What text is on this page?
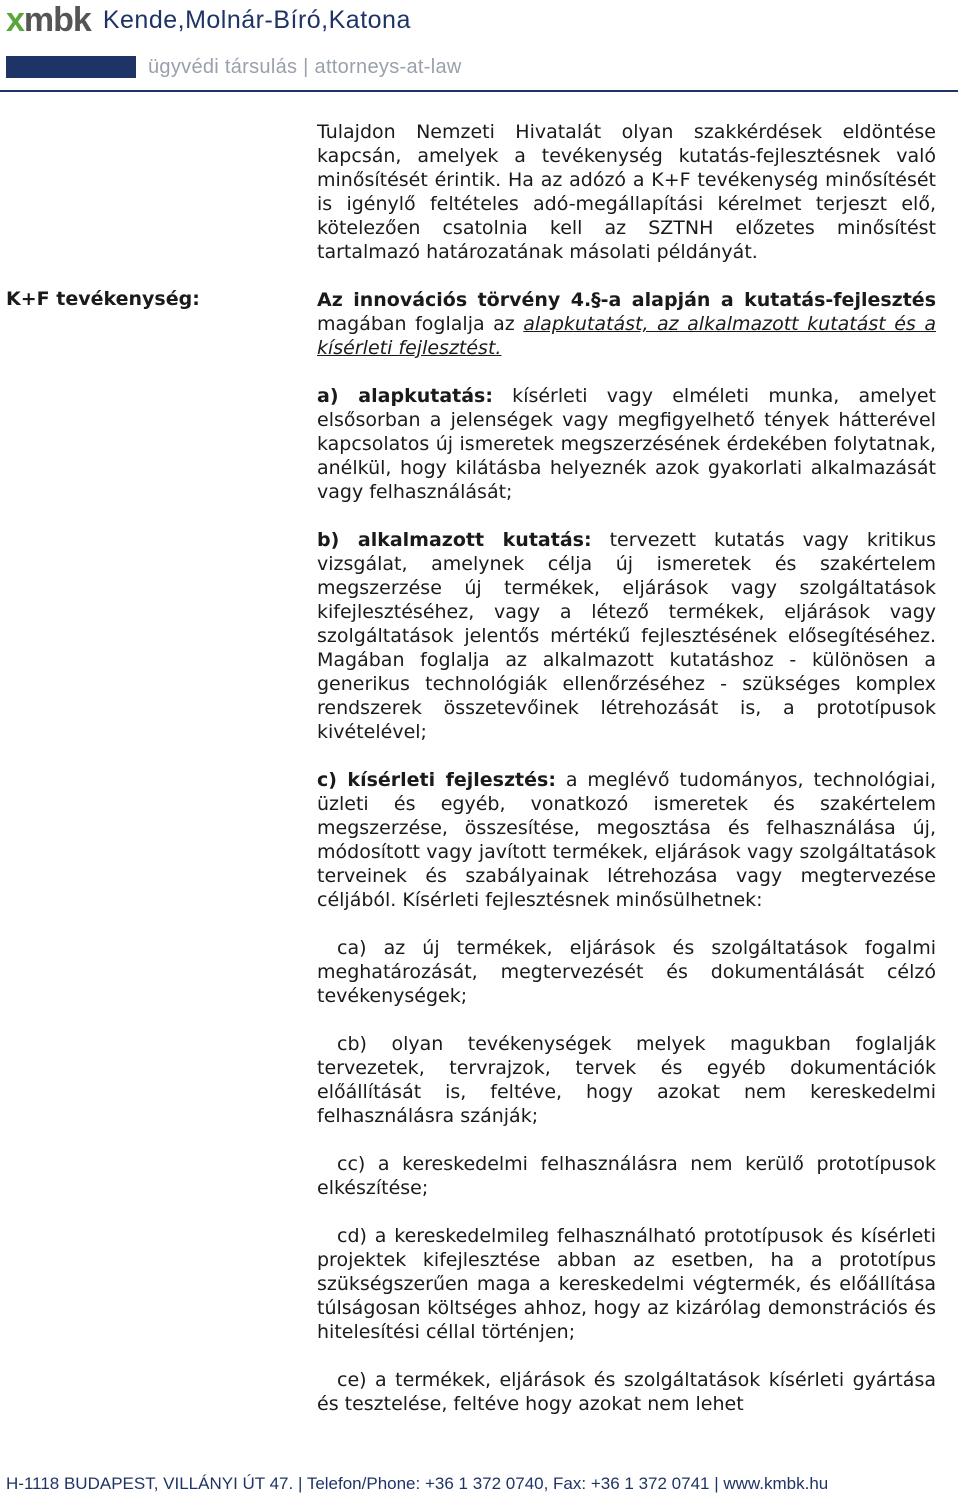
xmbk Kende,Molnár-Bíró,Katona
ügyvédi társulás | attorneys-at-law

K+F tevékenység:

Tulajdon Nemzeti Hivatalát olyan szakkérdések eldöntése kapcsán, amelyek a tevékenység kutatás-fejlesztésnek való minősítését érintik. Ha az adózó a K+F tevékenység minősítését is igénylő feltételes adó-megállapítási kérelmet terjeszt elő, kötelezően csatolnia kell az SZTNH előzetes minősítést tartalmazó határozatának másolati példányát.

Az innovációs törvény 4.§-a alapján a kutatás-fejlesztés magában foglalja az alapkutatást, az alkalmazott kutatást és a kísérleti fejlesztést.

a) alapkutatás: kísérleti vagy elméleti munka, amelyet elsősorban a jelenségek vagy megfigyelhető tények hátterével kapcsolatos új ismeretek megszerzésének érdekében folytatnak, anélkül, hogy kilátásba helyeznék azok gyakorlati alkalmazását vagy felhasználását;

b) alkalmazott kutatás: tervezett kutatás vagy kritikus vizsgálat, amelynek célja új ismeretek és szakértelem megszerzése új termékek, eljárások vagy szolgáltatások kifejlesztéséhez, vagy a létező termékek, eljárások vagy szolgáltatások jelentős mértékű fejlesztésének elősegítéséhez. Magában foglalja az alkalmazott kutatáshoz - különösen a generikus technológiák ellenőrzéséhez - szükséges komplex rendszerek összetevőinek létrehozását is, a prototípusok kivételével;

c) kísérleti fejlesztés: a meglévő tudományos, technológiai, üzleti és egyéb, vonatkozó ismeretek és szakértelem megszerzése, összesítése, megosztása és felhasználása új, módosított vagy javított termékek, eljárások vagy szolgáltatások terveinek és szabályainak létrehozása vagy megtervezése céljából. Kísérleti fejlesztésnek minősülhetnek:

ca) az új termékek, eljárások és szolgáltatások fogalmi meghatározását, megtervezését és dokumentálását célzó tevékenységek;

cb) olyan tevékenységek melyek magukban foglalják tervezetek, tervrajzok, tervek és egyéb dokumentációk előállítását is, feltéve, hogy azokat nem kereskedelmi felhasználásra szánják;

cc) a kereskedelmi felhasználásra nem kerülő prototípusok elkészítése;

cd) a kereskedelmileg felhasználható prototípusok és kísérleti projektek kifejlesztése abban az esetben, ha a prototípus szükségszerűen maga a kereskedelmi végtermék, és előállítása túlságosan költséges ahhoz, hogy az kizárólag demonstrációs és hitelesítési céllal történjen;

ce) a termékek, eljárások és szolgáltatások kísérleti gyártása és tesztelése, feltéve hogy azokat nem lehet

H-1118 BUDAPEST, VILLÁNYI ÚT 47. | Telefon/Phone: +36 1 372 0740, Fax: +36 1 372 0741 | www.kmbk.hu
